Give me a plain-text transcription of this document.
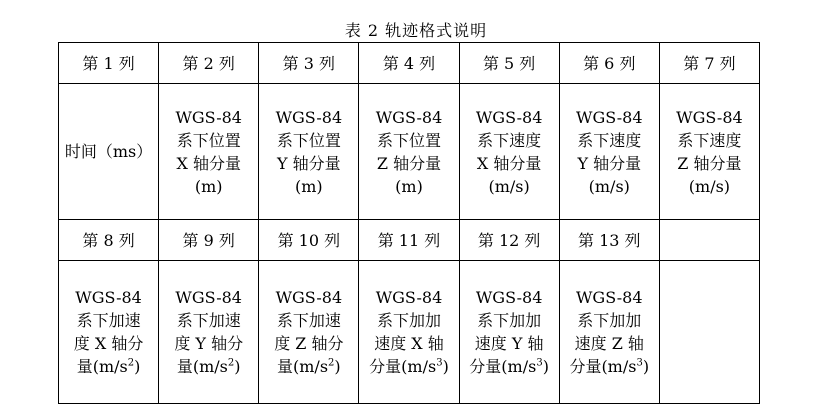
表 2 轨迹格式说明
第 1 列	第 2 列	第 3 列	第 4 列	第 5 列	第 6 列	第 7 列
时间（ms）	WGS-84
系下位置
X 轴分量
(m)	WGS-84
系下位置
Y 轴分量
(m)	WGS-84
系下位置
Z 轴分量
(m)	WGS-84
系下速度
X 轴分量
(m/s)	WGS-84
系下速度
Y 轴分量
(m/s)	WGS-84
系下速度
Z 轴分量
(m/s)
第 8 列	第 9 列	第 10 列	第 11 列	第 12 列	第 13 列	
WGS-84
系下加速
度 X 轴分
量$(m/s^2)$	WGS-84
系下加速
度 Y 轴分
量$(m/s^2)$	WGS-84
系下加速
度 Z 轴分
量$(m/s^2)$	WGS-84
系下加加
速度 X 轴
分量$(m/s^3)$	WGS-84
系下加加
速度 Y 轴
分量$(m/s^3)$	WGS-84
系下加加
速度 Z 轴
分量$(m/s^3)$	
